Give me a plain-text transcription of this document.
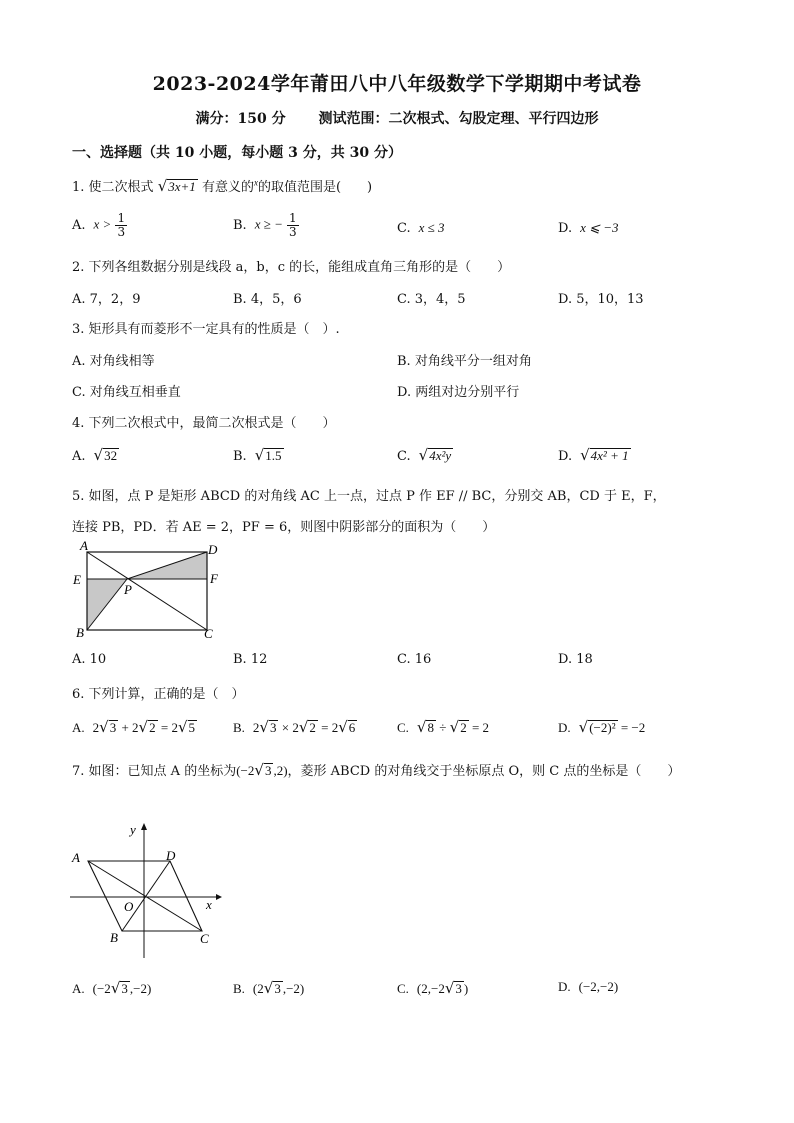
2023-2024学年莆田八中八年级数学下学期期中考试卷
满分：150 分 测试范围：二次根式、勾股定理、平行四边形
一、选择题（共 10 小题，每小题 3 分，共 30 分）
1. 使二次根式 √3x+1 有意义的$^x$的取值范围是(　　)
A. $x > \frac{1}{3}$	B. x ≥ − $\frac{1}{3}$	C. x ≤ 3	D. x ⩽ −3
2. 下列各组数据分别是线段 a，b，c 的长，能组成直角三角形的是（　　）
A. 7，2，9	B. 4，5，6	C. 3，4，5	D. 5，10，13
3. 矩形具有而菱形不一定具有的性质是（　）.
A. 对角线相等	B. 对角线平分一组对角
C. 对角线互相垂直	D. 两组对边分别平行
4. 下列二次根式中，最简二次根式是（　　）
A. √32	B. √1.5	C. √4x²y	D. √4x² + 1
5. 如图，点 P 是矩形 ABCD 的对角线 AC 上一点，过点 P 作 EF // BC，分别交 AB，CD 于 E，F，
连接 PB，PD．若 AE = 2，PF = 6，则图中阴影部分的面积为（　　）
A	D
E	F
P
B	C
A. 10	B. 12	C. 16	D. 18
6. 下列计算，正确的是（　）
A. 2√3 + 2√2 = 2√5	B. 2√3 × 2√2 = 2√6	C. √8 ÷ √2 = 2	D. √(−2)² = −2
7. 如图：已知点 A 的坐标为(−2√3 ,2)，菱形 ABCD 的对角线交于坐标原点 O，则 C 点的坐标是（　　）
A	D
O	x
y
B	C
A. (−2√3 ,−2)	B. (2√3 ,−2)	C. (2,−2√3 )	D. (−2,−2)
